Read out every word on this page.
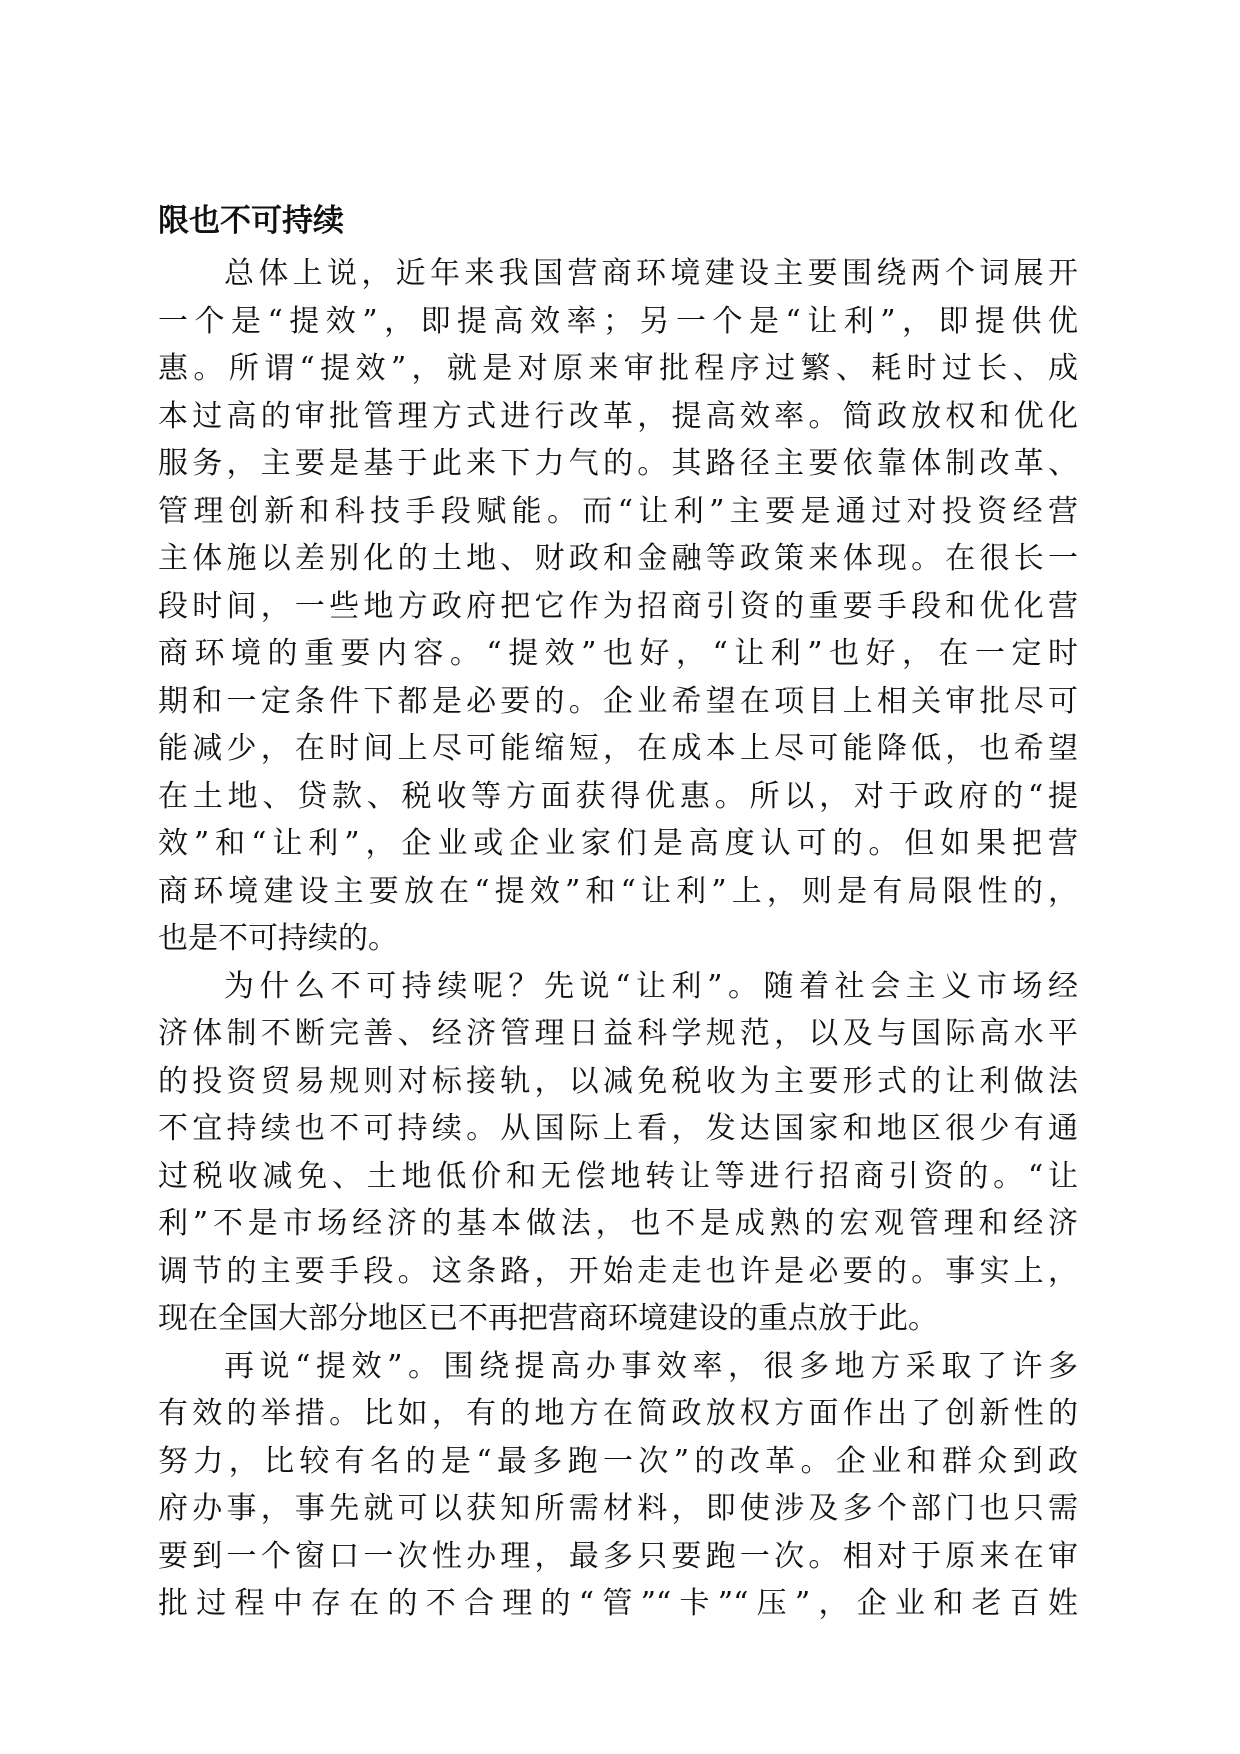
限也不可持续
总体上说，近年来我国营商环境建设主要围绕两个词展开
一个是“提效”，即提高效率；另一个是“让利”，即提供优
惠。所谓“提效”，就是对原来审批程序过繁、耗时过长、成
本过高的审批管理方式进行改革，提高效率。简政放权和优化
服务，主要是基于此来下力气的。其路径主要依靠体制改革、
管理创新和科技手段赋能。而“让利”主要是通过对投资经营
主体施以差别化的土地、财政和金融等政策来体现。在很长一
段时间，一些地方政府把它作为招商引资的重要手段和优化营
商环境的重要内容。“提效”也好，“让利”也好，在一定时
期和一定条件下都是必要的。企业希望在项目上相关审批尽可
能减少，在时间上尽可能缩短，在成本上尽可能降低，也希望
在土地、贷款、税收等方面获得优惠。所以，对于政府的“提
效”和“让利”，企业或企业家们是高度认可的。但如果把营
商环境建设主要放在“提效”和“让利”上，则是有局限性的，
也是不可持续的。
为什么不可持续呢？先说“让利”。随着社会主义市场经
济体制不断完善、经济管理日益科学规范，以及与国际高水平
的投资贸易规则对标接轨，以减免税收为主要形式的让利做法
不宜持续也不可持续。从国际上看，发达国家和地区很少有通
过税收减免、土地低价和无偿地转让等进行招商引资的。“让
利”不是市场经济的基本做法，也不是成熟的宏观管理和经济
调节的主要手段。这条路，开始走走也许是必要的。事实上，
现在全国大部分地区已不再把营商环境建设的重点放于此。
再说“提效”。围绕提高办事效率，很多地方采取了许多
有效的举措。比如，有的地方在简政放权方面作出了创新性的
努力，比较有名的是“最多跑一次”的改革。企业和群众到政
府办事，事先就可以获知所需材料，即使涉及多个部门也只需
要到一个窗口一次性办理，最多只要跑一次。相对于原来在审
批过程中存在的不合理的“管”“卡”“压”，企业和老百姓
